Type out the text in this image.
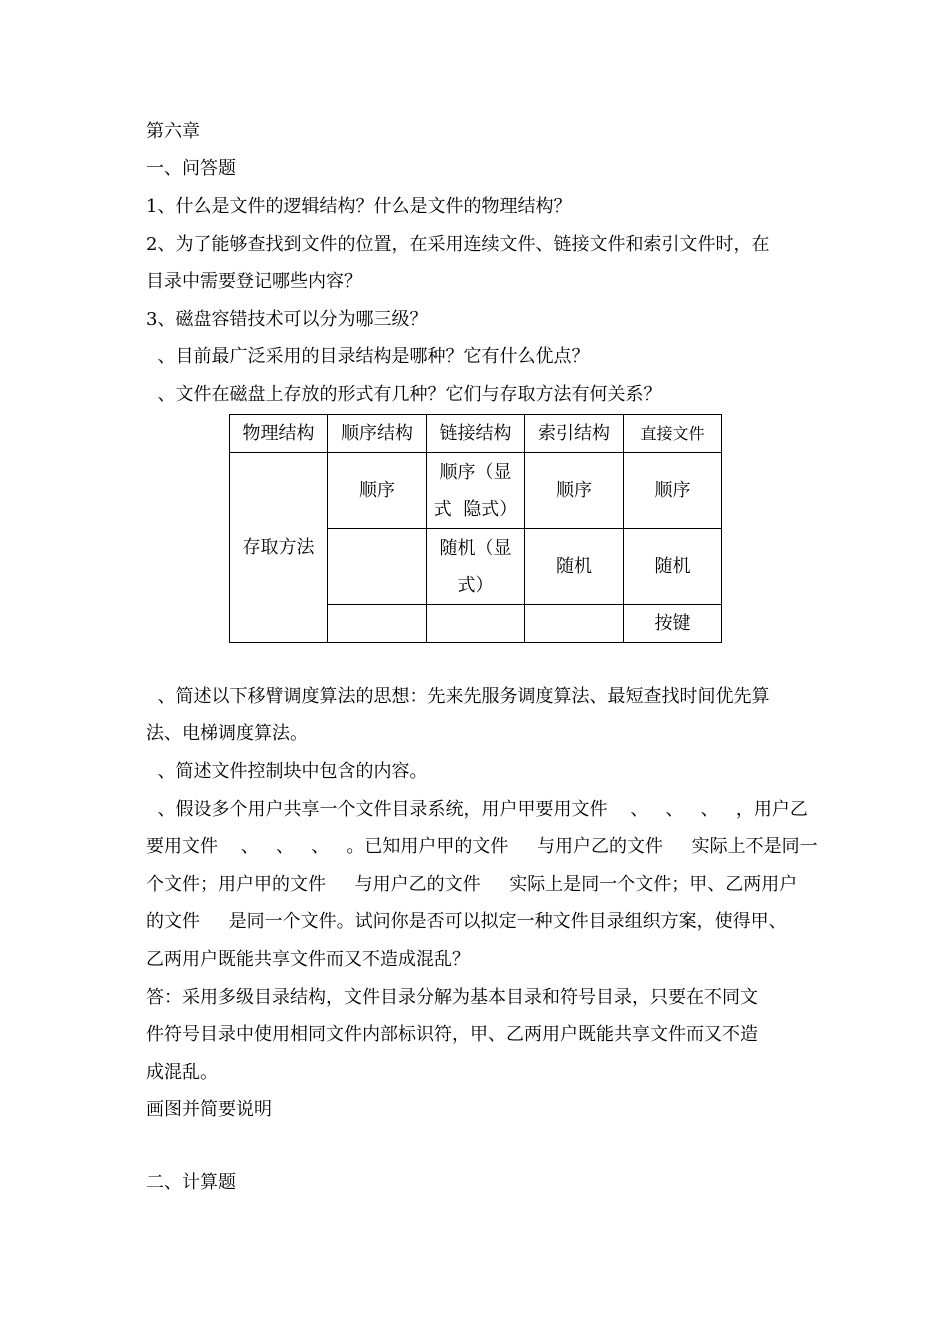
第六章
一、问答题
1、什么是文件的逻辑结构？什么是文件的物理结构？
2、为了能够查找到文件的位置，在采用连续文件、链接文件和索引文件时，在
目录中需要登记哪些内容？
3、磁盘容错技术可以分为哪三级？
、目前最广泛采用的目录结构是哪种？它有什么优点？
、文件在磁盘上存放的形式有几种？它们与存取方法有何关系？
物理结构	顺序结构	链接结构	索引结构	直接文件
存取方法	顺序	顺序（显
式  隐式）	顺序	顺序

		随机（显
式）	随机	随机
				按键
、简述以下移臂调度算法的思想：先来先服务调度算法、最短查找时间优先算
法、电梯调度算法。
、简述文件控制块中包含的内容。
、假设多个用户共享一个文件目录系统，用户甲要用文件    、   、   、   ，用户乙
要用文件    、   、   、   。已知用户甲的文件     与用户乙的文件     实际上不是同一
个文件；用户甲的文件     与用户乙的文件     实际上是同一个文件；甲、乙两用户
的文件     是同一个文件。试问你是否可以拟定一种文件目录组织方案，使得甲、
乙两用户既能共享文件而又不造成混乱？
答：采用多级目录结构，文件目录分解为基本目录和符号目录，只要在不同文
件符号目录中使用相同文件内部标识符，甲、乙两用户既能共享文件而又不造
成混乱。
画图并简要说明
二、计算题
